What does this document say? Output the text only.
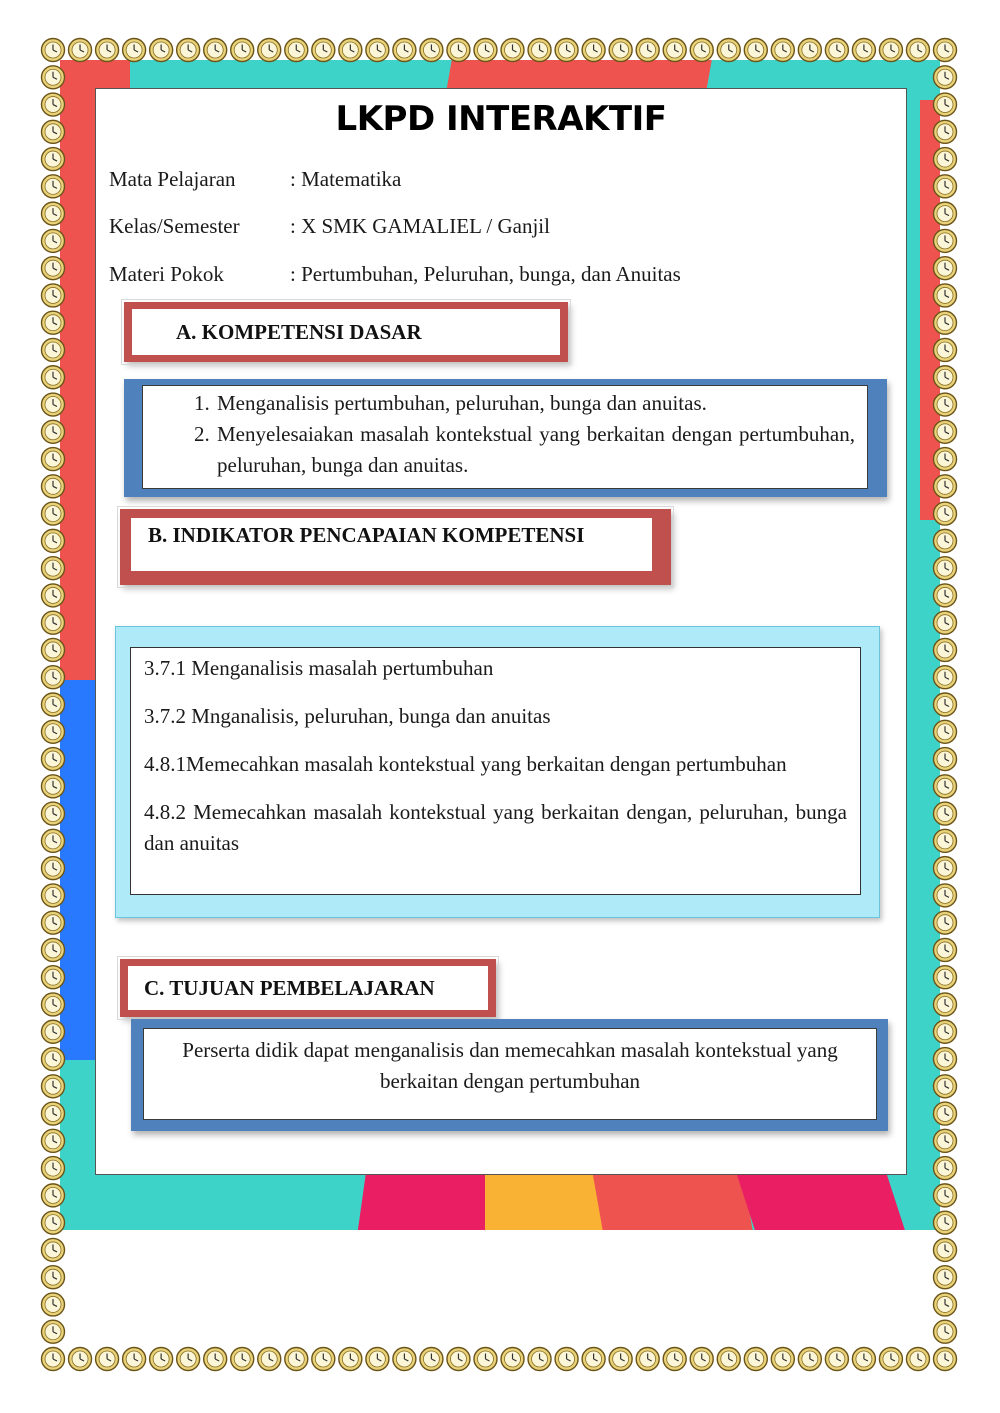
LKPD INTERAKTIF
Mata Pelajaran	: Matematika
Kelas/Semester : X SMK GAMALIEL / Ganjil
Materi Pokok	: Pertumbuhan, Peluruhan, bunga, dan Anuitas
A. KOMPETENSI DASAR
1. Menganalisis pertumbuhan, peluruhan, bunga dan anuitas.
2. Menyelesaiakan masalah kontekstual yang berkaitan dengan pertumbuhan, peluruhan, bunga dan anuitas.
B. INDIKATOR PENCAPAIAN KOMPETENSI
3.7.1 Menganalisis masalah pertumbuhan
3.7.2 Mnganalisis, peluruhan, bunga dan anuitas
4.8.1Memecahkan masalah kontekstual yang berkaitan dengan pertumbuhan
4.8.2 Memecahkan masalah kontekstual yang berkaitan dengan, peluruhan, bunga dan anuitas
C. TUJUAN PEMBELAJARAN
Perserta didik dapat menganalisis dan memecahkan masalah kontekstual yang berkaitan dengan pertumbuhan
